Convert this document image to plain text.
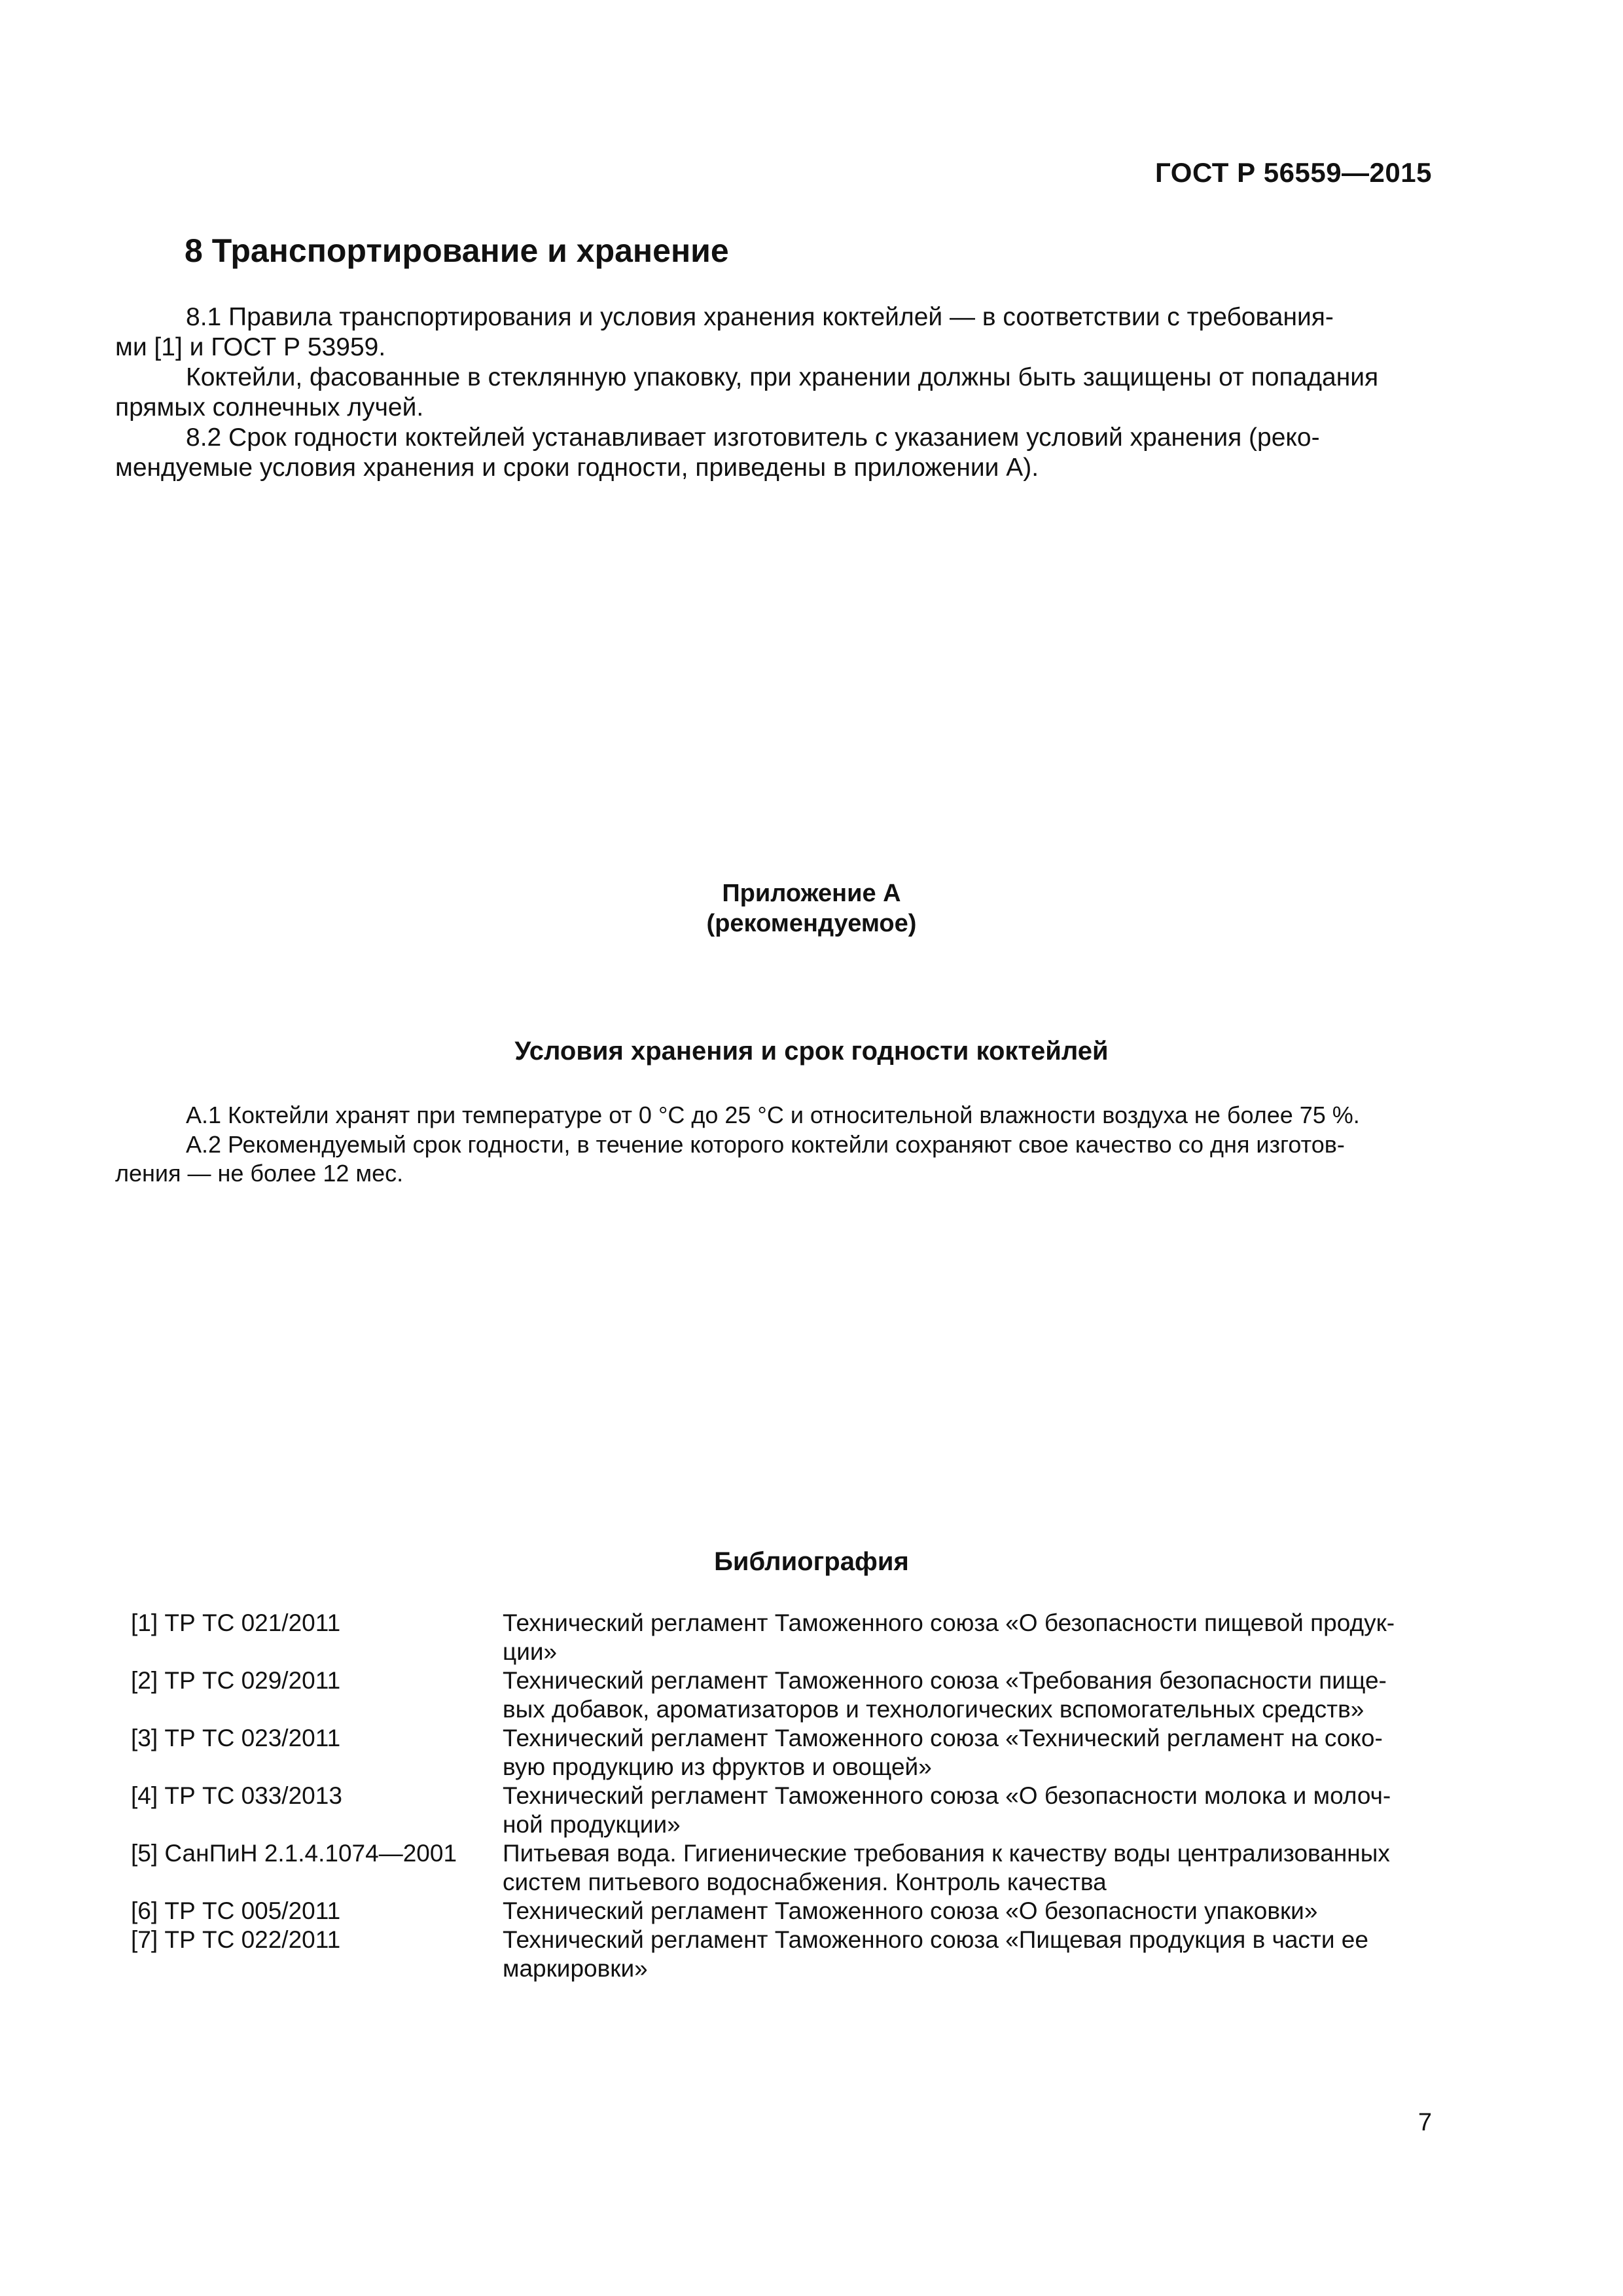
ГОСТ Р 56559—2015
8 Транспортирование и хранение
8.1 Правила транспортирования и условия хранения коктейлей — в соответствии с требования-
ми [1] и ГОСТ Р 53959.
Коктейли, фасованные в стеклянную упаковку, при хранении должны быть защищены от попадания
прямых солнечных лучей.
8.2 Срок годности коктейлей устанавливает изготовитель с указанием условий хранения (реко-
мендуемые условия хранения и сроки годности, приведены в приложении А).
Приложение А
(рекомендуемое)
Условия хранения и срок годности коктейлей
А.1 Коктейли хранят при температуре от 0 °С до 25 °С и относительной влажности воздуха не более 75 %.
А.2 Рекомендуемый срок годности, в течение которого коктейли сохраняют свое качество со дня изготов-
ления — не более 12 мес.
Библиография
[1] ТР ТС 021/2011	Технический регламент Таможенного союза «О безопасности пищевой продук-
ции»
[2] ТР ТС 029/2011	Технический регламент Таможенного союза «Требования безопасности пище-
вых добавок, ароматизаторов и технологических вспомогательных средств»
[3] ТР ТС 023/2011	Технический регламент Таможенного союза «Технический регламент на соко-
вую продукцию из фруктов и овощей»
[4] ТР ТС 033/2013	Технический регламент Таможенного союза «О безопасности молока и молоч-
ной продукции»
[5] СанПиН 2.1.4.1074—2001	Питьевая вода. Гигиенические требования к качеству воды централизованных
систем питьевого водоснабжения. Контроль качества
[6] ТР ТС 005/2011	Технический регламент Таможенного союза «О безопасности упаковки»
[7] ТР ТС 022/2011	Технический регламент Таможенного союза «Пищевая продукция в части ее
маркировки»
7
